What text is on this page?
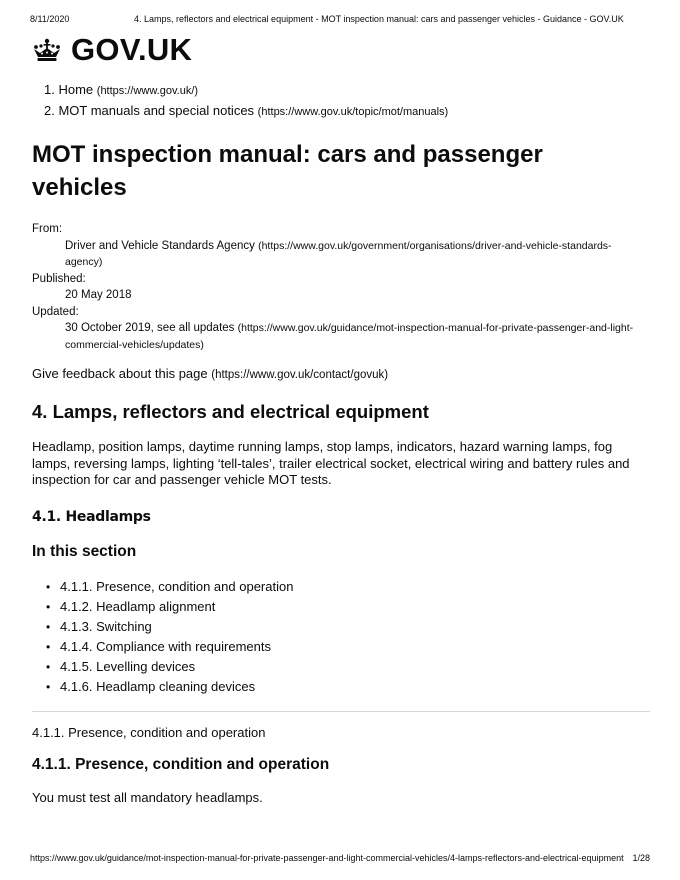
8/11/2020	4. Lamps, reflectors and electrical equipment - MOT inspection manual: cars and passenger vehicles - Guidance - GOV.UK
GOV.UK
1. Home (https://www.gov.uk/)
2. MOT manuals and special notices (https://www.gov.uk/topic/mot/manuals)
MOT inspection manual: cars and passenger vehicles
From:
Driver and Vehicle Standards Agency (https://www.gov.uk/government/organisations/driver-and-vehicle-standards-agency)
Published:
20 May 2018
Updated:
30 October 2019, see all updates (https://www.gov.uk/guidance/mot-inspection-manual-for-private-passenger-and-light-commercial-vehicles/updates)
Give feedback about this page (https://www.gov.uk/contact/govuk)
4. Lamps, reflectors and electrical equipment

Headlamp, position lamps, daytime running lamps, stop lamps, indicators, hazard warning lamps, fog lamps, reversing lamps, lighting ‘tell-tales’, trailer electrical socket, electrical wiring and battery rules and inspection for car and passenger vehicle MOT tests.

4.1. Headlamps
In this section
• 4.1.1. Presence, condition and operation
• 4.1.2. Headlamp alignment
• 4.1.3. Switching
• 4.1.4. Compliance with requirements
• 4.1.5. Levelling devices
• 4.1.6. Headlamp cleaning devices
4.1.1. Presence, condition and operation
4.1.1. Presence, condition and operation

You must test all mandatory headlamps.

https://www.gov.uk/guidance/mot-inspection-manual-for-private-passenger-and-light-commercial-vehicles/4-lamps-reflectors-and-electrical-equipment 1/28
